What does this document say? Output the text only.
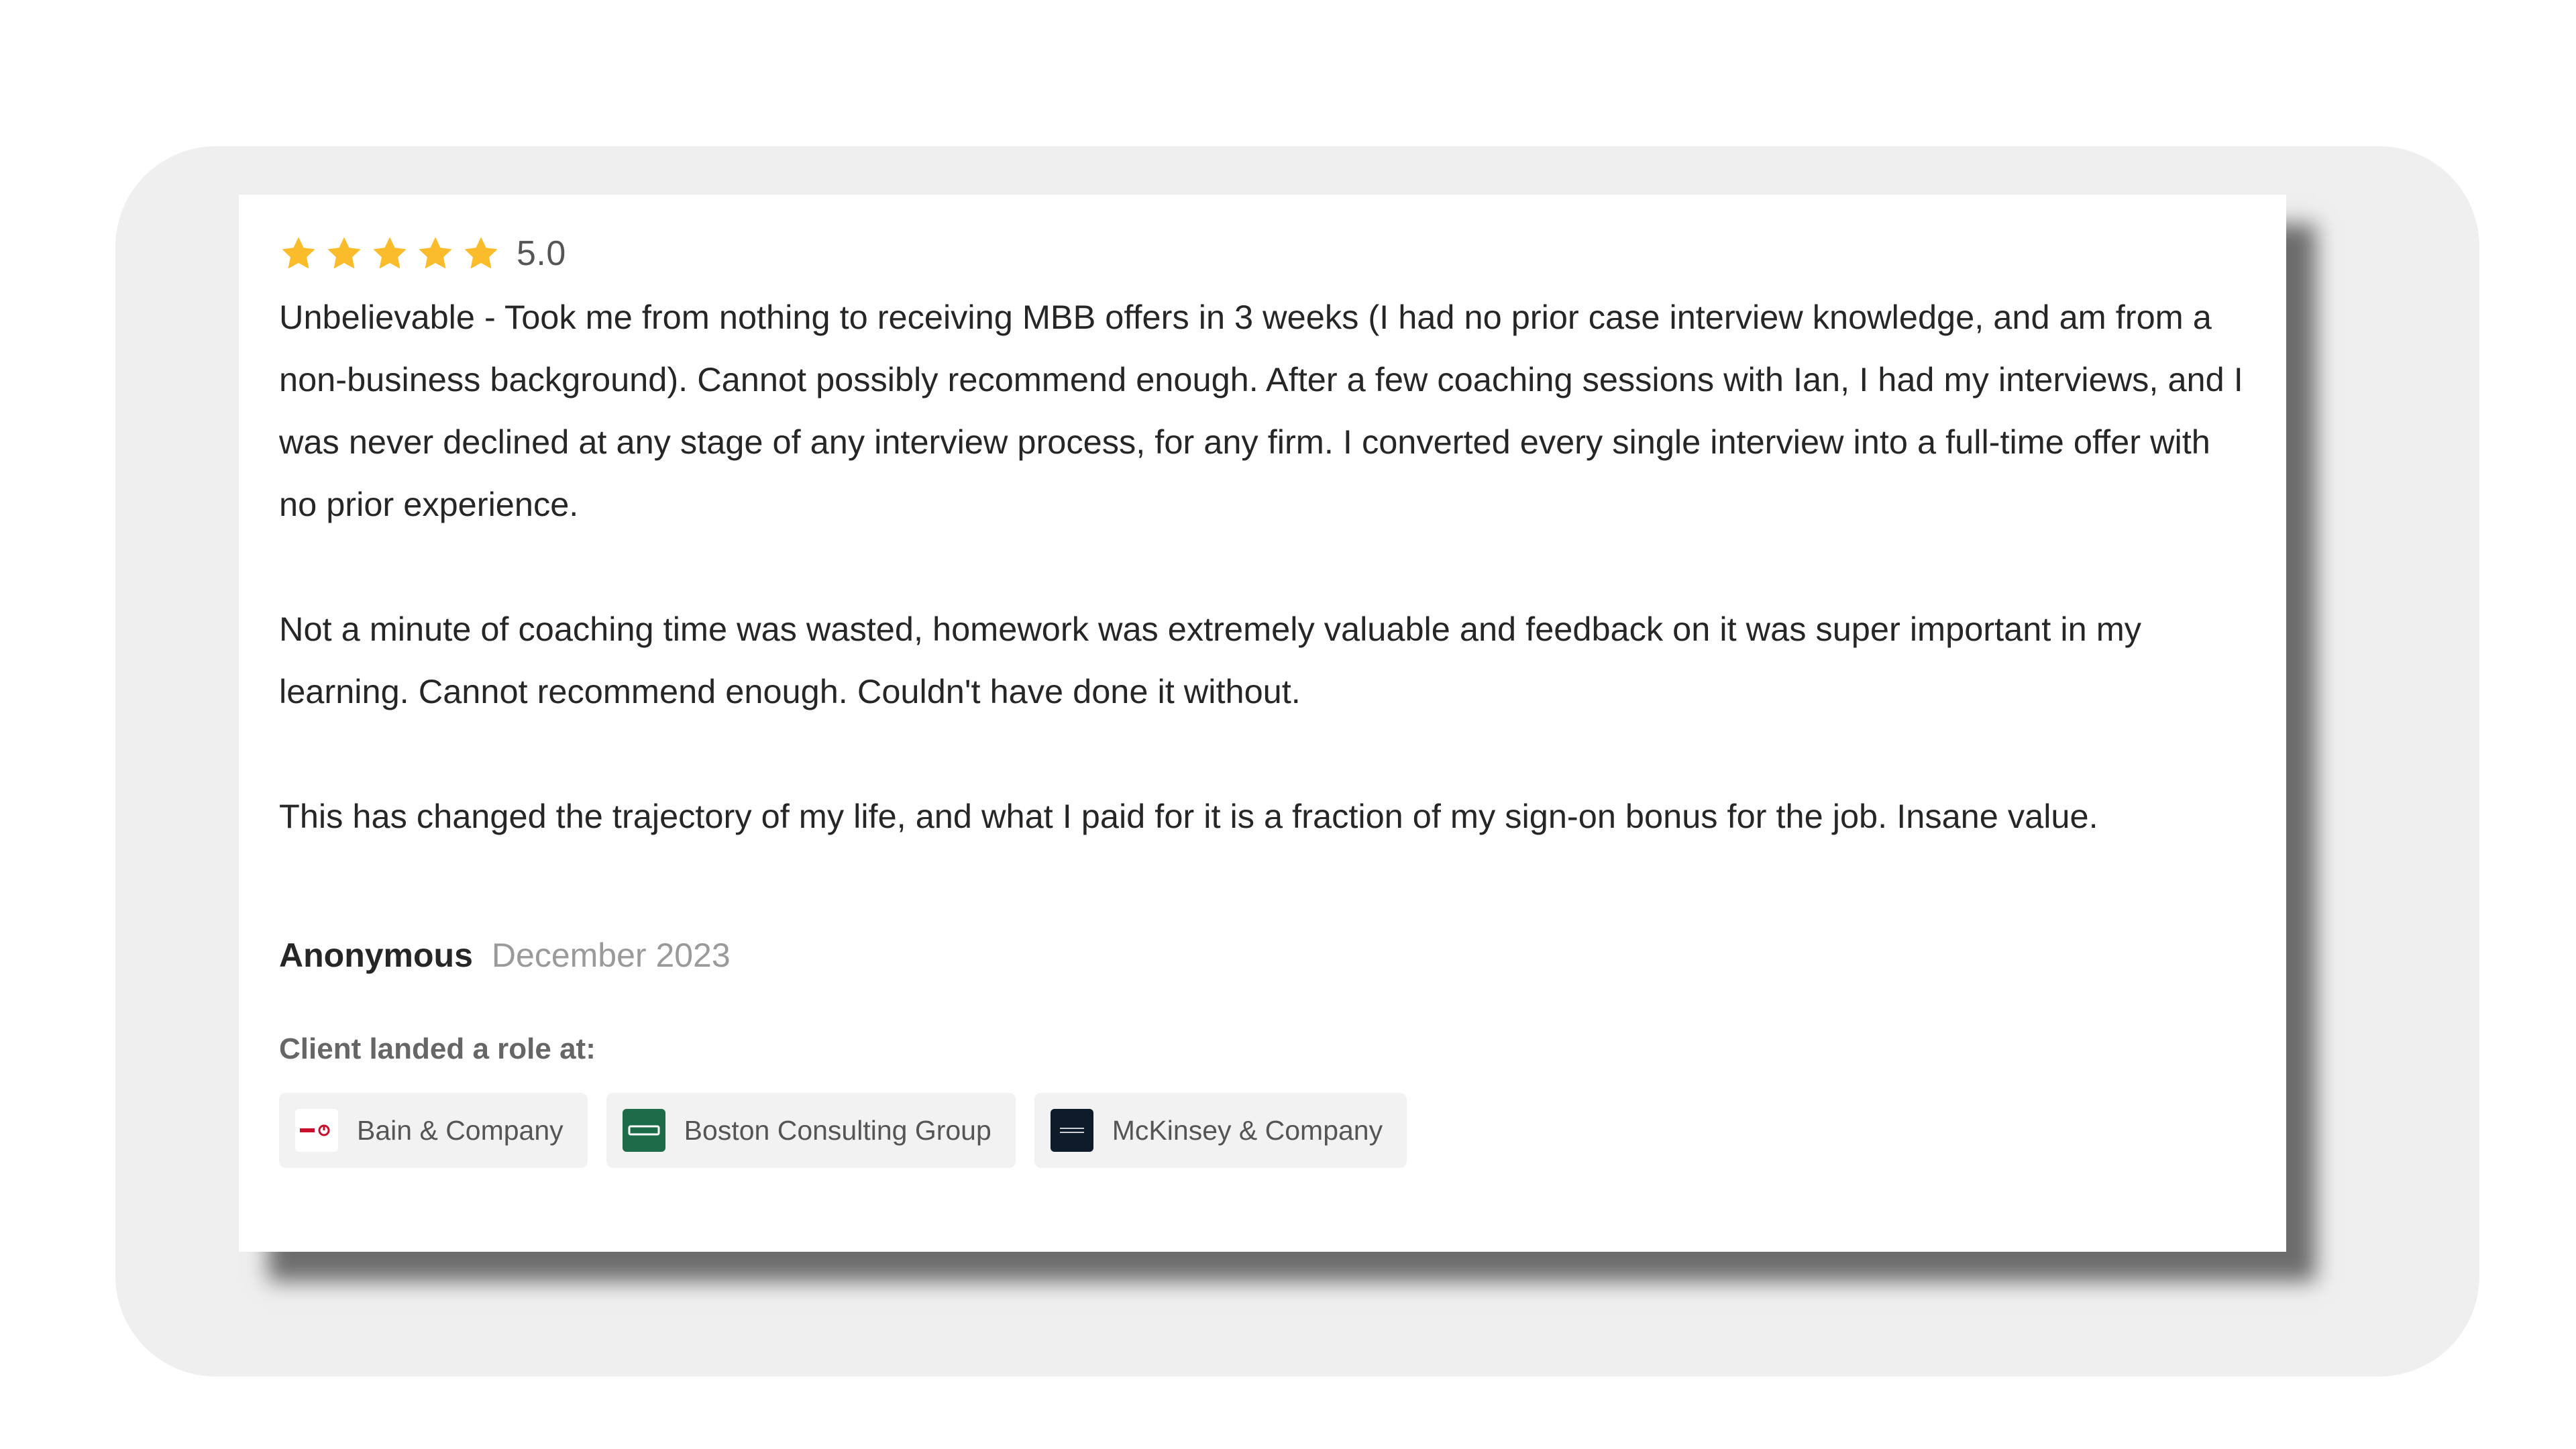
5.0

Unbelievable - Took me from nothing to receiving MBB offers in 3 weeks (I had no prior case interview knowledge, and am from a non-business background). Cannot possibly recommend enough. After a few coaching sessions with Ian, I had my interviews, and I was never declined at any stage of any interview process, for any firm. I converted every single interview into a full-time offer with no prior experience.

Not a minute of coaching time was wasted, homework was extremely valuable and feedback on it was super important in my learning. Cannot recommend enough. Couldn't have done it without.

This has changed the trajectory of my life, and what I paid for it is a fraction of my sign-on bonus for the job. Insane value.

Anonymous December 2023
Client landed a role at:
Bain & Company	Boston Consulting Group	McKinsey & Company
